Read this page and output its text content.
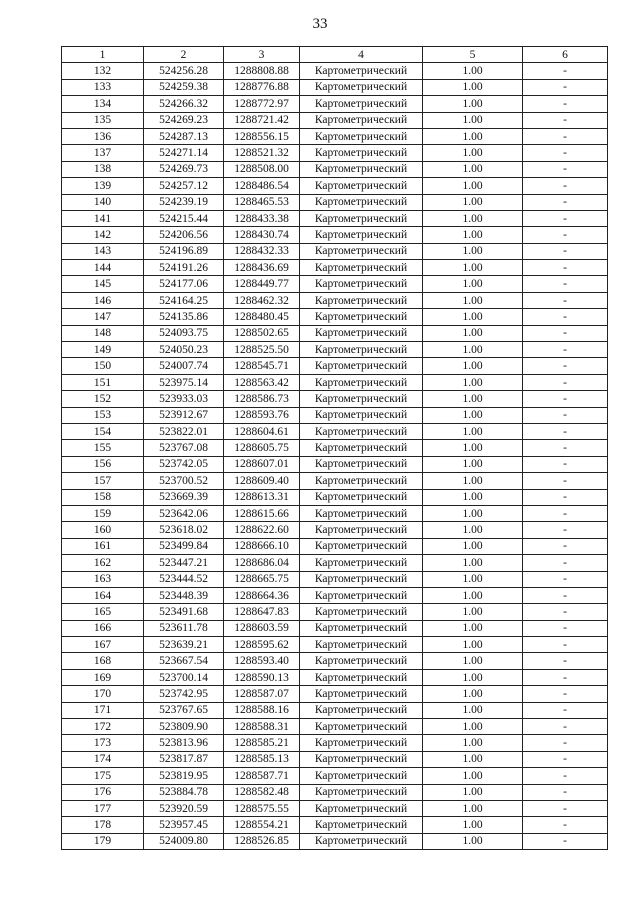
33
1	2	3	4	5	6
132	524256.28	1288808.88	Картометрический	1.00	-
133	524259.38	1288776.88	Картометрический	1.00	-
134	524266.32	1288772.97	Картометрический	1.00	-
135	524269.23	1288721.42	Картометрический	1.00	-
136	524287.13	1288556.15	Картометрический	1.00	-
137	524271.14	1288521.32	Картометрический	1.00	-
138	524269.73	1288508.00	Картометрический	1.00	-
139	524257.12	1288486.54	Картометрический	1.00	-
140	524239.19	1288465.53	Картометрический	1.00	-
141	524215.44	1288433.38	Картометрический	1.00	-
142	524206.56	1288430.74	Картометрический	1.00	-
143	524196.89	1288432.33	Картометрический	1.00	-
144	524191.26	1288436.69	Картометрический	1.00	-
145	524177.06	1288449.77	Картометрический	1.00	-
146	524164.25	1288462.32	Картометрический	1.00	-
147	524135.86	1288480.45	Картометрический	1.00	-
148	524093.75	1288502.65	Картометрический	1.00	-
149	524050.23	1288525.50	Картометрический	1.00	-
150	524007.74	1288545.71	Картометрический	1.00	-
151	523975.14	1288563.42	Картометрический	1.00	-
152	523933.03	1288586.73	Картометрический	1.00	-
153	523912.67	1288593.76	Картометрический	1.00	-
154	523822.01	1288604.61	Картометрический	1.00	-
155	523767.08	1288605.75	Картометрический	1.00	-
156	523742.05	1288607.01	Картометрический	1.00	-
157	523700.52	1288609.40	Картометрический	1.00	-
158	523669.39	1288613.31	Картометрический	1.00	-
159	523642.06	1288615.66	Картометрический	1.00	-
160	523618.02	1288622.60	Картометрический	1.00	-
161	523499.84	1288666.10	Картометрический	1.00	-
162	523447.21	1288686.04	Картометрический	1.00	-
163	523444.52	1288665.75	Картометрический	1.00	-
164	523448.39	1288664.36	Картометрический	1.00	-
165	523491.68	1288647.83	Картометрический	1.00	-
166	523611.78	1288603.59	Картометрический	1.00	-
167	523639.21	1288595.62	Картометрический	1.00	-
168	523667.54	1288593.40	Картометрический	1.00	-
169	523700.14	1288590.13	Картометрический	1.00	-
170	523742.95	1288587.07	Картометрический	1.00	-
171	523767.65	1288588.16	Картометрический	1.00	-
172	523809.90	1288588.31	Картометрический	1.00	-
173	523813.96	1288585.21	Картометрический	1.00	-
174	523817.87	1288585.13	Картометрический	1.00	-
175	523819.95	1288587.71	Картометрический	1.00	-
176	523884.78	1288582.48	Картометрический	1.00	-
177	523920.59	1288575.55	Картометрический	1.00	-
178	523957.45	1288554.21	Картометрический	1.00	-
179	524009.80	1288526.85	Картометрический	1.00	-
